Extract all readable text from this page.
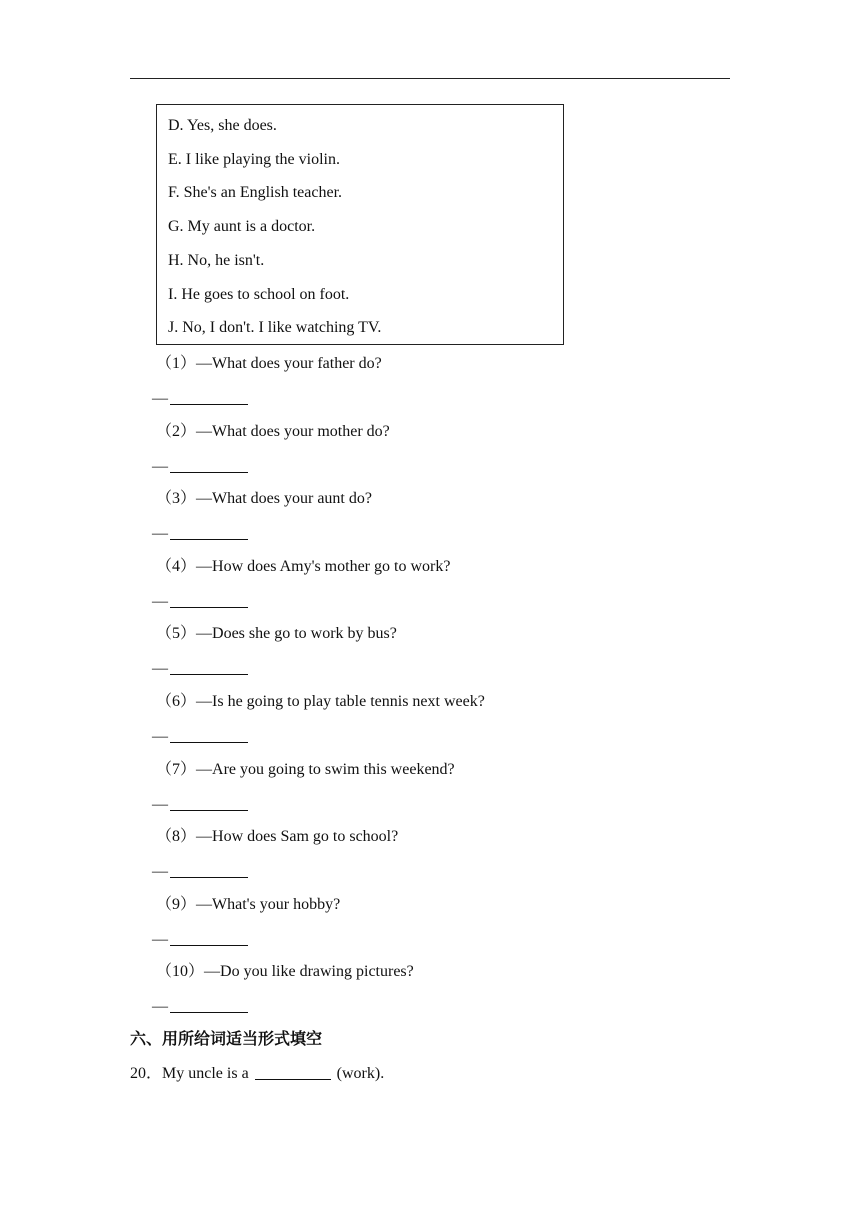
D. Yes, she does.
E. I like playing the violin.
F. She's an English teacher.
G. My aunt is a doctor.
H. No, he isn't.
I. He goes to school on foot.
J. No, I don't. I like watching TV.
（1）—What does your father do?
—
（2）—What does your mother do?
—
（3）—What does your aunt do?
—
（4）—How does Amy's mother go to work?
—
（5）—Does she go to work by bus?
—
（6）—Is he going to play table tennis next week?
—
（7）—Are you going to swim this weekend?
—
（8）—How does Sam go to school?
—
（9）—What's your hobby?
—
（10）—Do you like drawing pictures?
—
六、用所给词适当形式填空
20．My uncle is a	(work).
